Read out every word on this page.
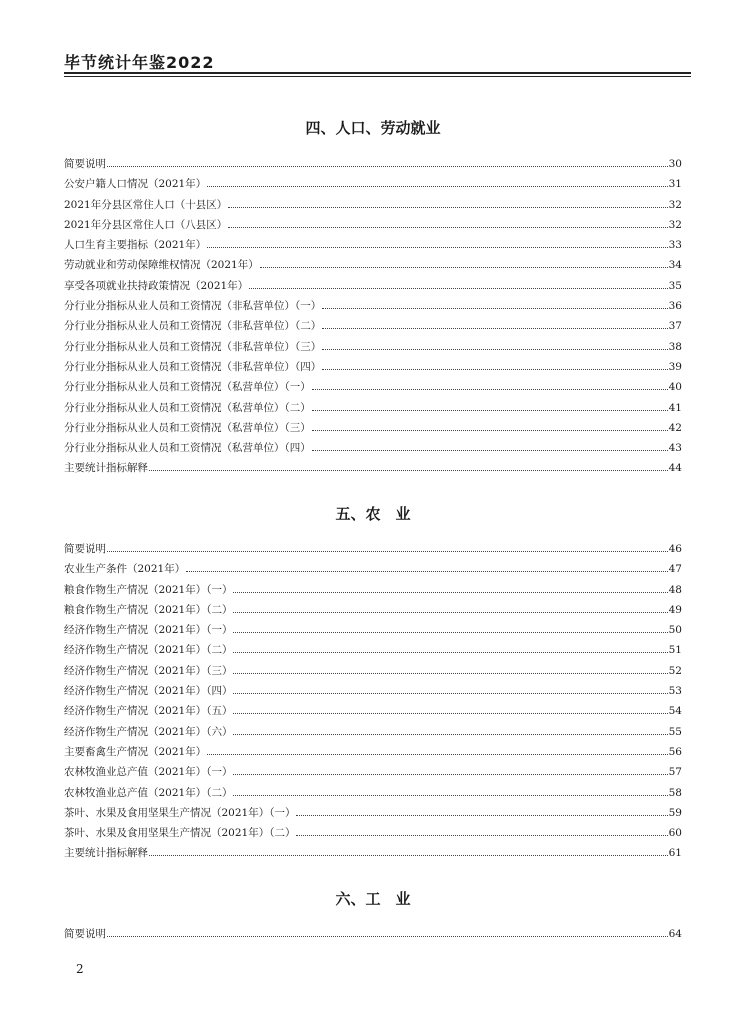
毕节统计年鉴2022
四、人口、劳动就业
简要说明	30
公安户籍人口情况（2021年）	31
2021年分县区常住人口（十县区）	32
2021年分县区常住人口（八县区）	32
人口生育主要指标（2021年）	33
劳动就业和劳动保障维权情况（2021年）	34
享受各项就业扶持政策情况（2021年）	35
分行业分指标从业人员和工资情况（非私营单位）（一）	36
分行业分指标从业人员和工资情况（非私营单位）（二）	37
分行业分指标从业人员和工资情况（非私营单位）（三）	38
分行业分指标从业人员和工资情况（非私营单位）（四）	39
分行业分指标从业人员和工资情况（私营单位）（一）	40
分行业分指标从业人员和工资情况（私营单位）（二）	41
分行业分指标从业人员和工资情况（私营单位）（三）	42
分行业分指标从业人员和工资情况（私营单位）（四）	43
主要统计指标解释	44
五、农　业
简要说明	46
农业生产条件（2021年）	47
粮食作物生产情况（2021年）（一）	48
粮食作物生产情况（2021年）（二）	49
经济作物生产情况（2021年）（一）	50
经济作物生产情况（2021年）（二）	51
经济作物生产情况（2021年）（三）	52
经济作物生产情况（2021年）（四）	53
经济作物生产情况（2021年）（五）	54
经济作物生产情况（2021年）（六）	55
主要畜禽生产情况（2021年）	56
农林牧渔业总产值（2021年）（一）	57
农林牧渔业总产值（2021年）（二）	58
茶叶、水果及食用坚果生产情况（2021年）（一）	59
茶叶、水果及食用坚果生产情况（2021年）（二）	60
主要统计指标解释	61
六、工　业
简要说明	64
2
